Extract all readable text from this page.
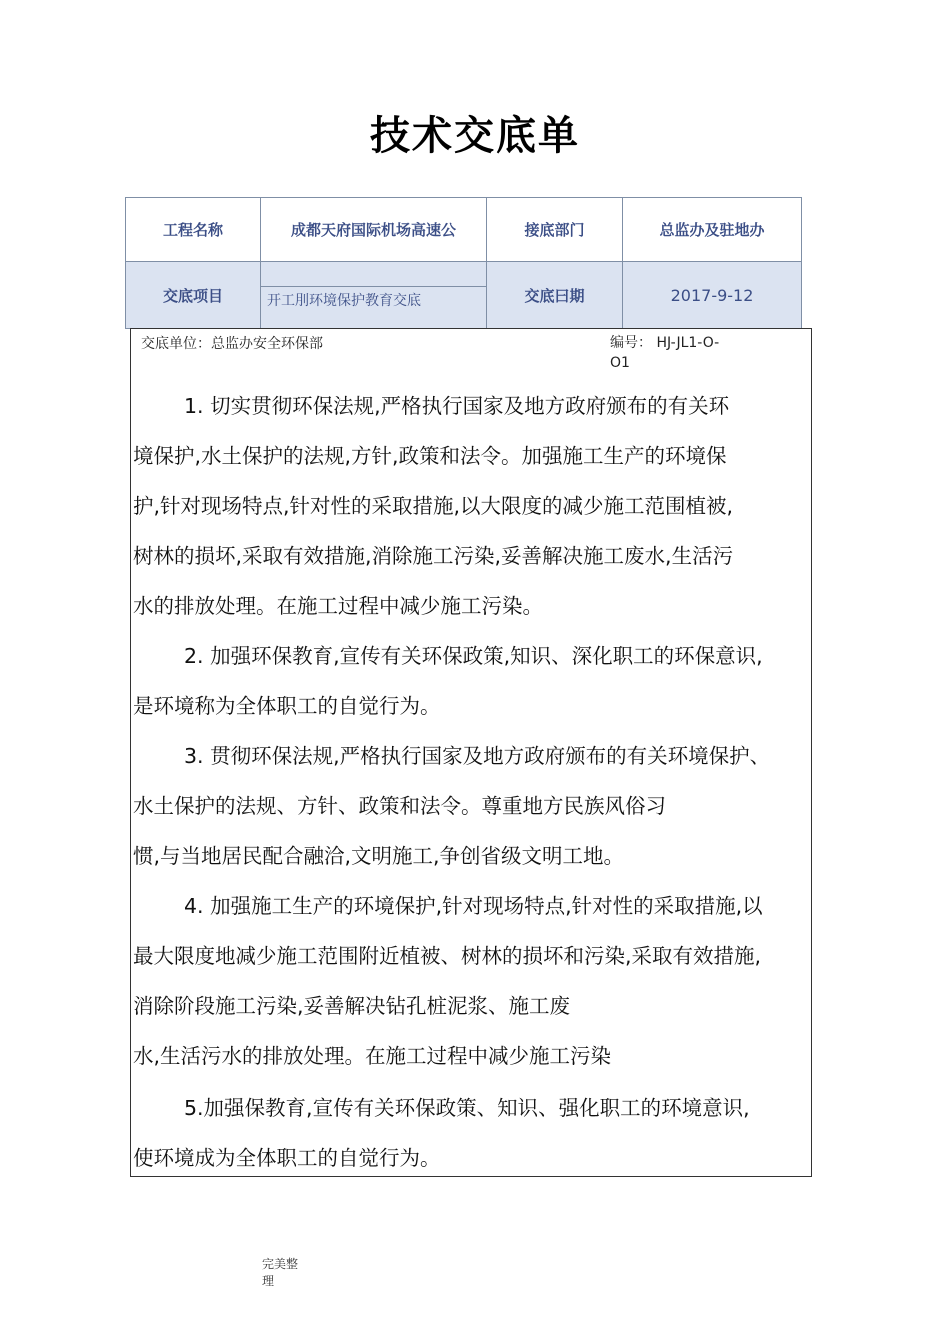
技术交底单
工程名称	成都天府国际机场高速公	接底部门	总监办及驻地办
交底项目	开工刖环境保护教育交底	交底曰期	2017-9-12
交底单位：总监办安全环保部	编号： HJ-JL1-O-
O1
1. 切实贯彻环保法规,严格执行国家及地方政府颁布的有关环
境保护,水土保护的法规,方针,政策和法令。加强施工生产的环境保
护,针对现场特点,针对性的采取措施,以大限度的减少施工范围植被,
树林的损坏,采取有效措施,消除施工污染,妥善解决施工废水,生活污
水的排放处理。在施工过程中减少施工污染。
2. 加强环保教育,宣传有关环保政策,知识、深化职工的环保意识,
是环境称为全体职工的自觉行为。
3. 贯彻环保法规,严格执行国家及地方政府颁布的有关环境保护、
水土保护的法规、方针、政策和法令。尊重地方民族风俗习
惯,与当地居民配合融洽,文明施工,争创省级文明工地。
4. 加强施工生产的环境保护,针对现场特点,针对性的采取措施,以
最大限度地减少施工范围附近植被、树林的损坏和污染,采取有效措施,
消除阶段施工污染,妥善解决钻孔桩泥浆、施工废
水,生活污水的排放处理。在施工过程中减少施工污染
5.加强保教育,宣传有关环保政策、知识、强化职工的环境意识,
使环境成为全体职工的自觉行为。
完美整
理
